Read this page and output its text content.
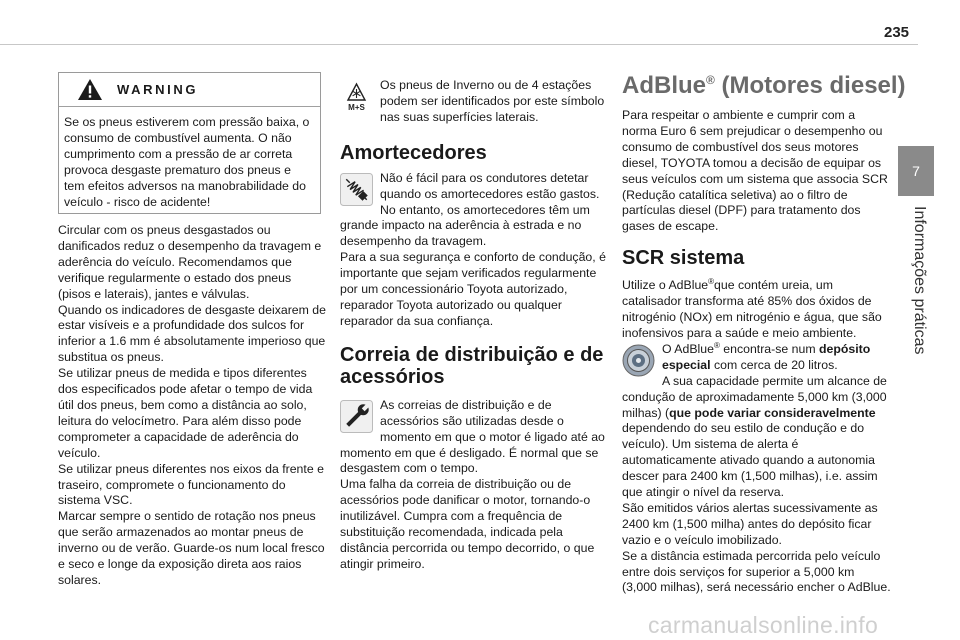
235
7
Informações práticas
WARNING

Se os pneus estiverem com pressão baixa, o consumo de combustível aumenta. O não cumprimento com a pressão de ar correta provoca desgaste prematuro dos pneus e tem efeitos adversos na manobrabilidade do veículo - risco de acidente!

Circular com os pneus desgastados ou danificados reduz o desempenho da travagem e aderência do veículo. Recomendamos que verifique regularmente o estado dos pneus (pisos e laterais), jantes e válvulas.

Quando os indicadores de desgaste deixarem de estar visíveis e a profundidade dos sulcos for inferior a 1.6 mm é absolutamente imperioso que substitua os pneus.

Se utilizar pneus de medida e tipos diferentes dos especificados pode afetar o tempo de vida útil dos pneus, bem como a distância ao solo, leitura do velocímetro. Para além disso pode comprometer a capacidade de aderência do veículo.

Se utilizar pneus diferentes nos eixos da frente e traseiro, compromete o funcionamento do sistema VSC.

Marcar sempre o sentido de rotação nos pneus que serão armazenados ao montar pneus de inverno ou de verão. Guarde-os num local fresco e seco e longe da exposição direta aos raios solares.

M+S

Os pneus de Inverno ou de 4 estações podem ser identificados por este símbolo nas suas superfícies laterais.

Amortecedores

Não é fácil para os condutores detetar quando os amortecedores estão gastos. No entanto, os amortecedores têm um grande impacto na aderência à estrada e no desempenho da travagem.

Para a sua segurança e conforto de condução, é importante que sejam verificados regularmente por um concessionário Toyota autorizado, reparador Toyota autorizado ou qualquer reparador da sua confiança.

Correia de distribuição e de acessórios

As correias de distribuição e de acessórios são utilizadas desde o momento em que o motor é ligado até ao momento em que é desligado. É normal que se desgastem com o tempo.

Uma falha da correia de distribuição ou de acessórios pode danificar o motor, tornando-o inutilizável. Cumpra com a frequência de substituição recomendada, indicada pela distância percorrida ou tempo decorrido, o que atingir primeiro.

AdBlue® (Motores diesel)

Para respeitar o ambiente e cumprir com a norma Euro 6 sem prejudicar o desempenho ou consumo de combustível dos seus motores diesel, TOYOTA tomou a decisão de equipar os seus veículos com um sistema que associa SCR (Redução catalítica seletiva) ao o filtro de partículas diesel (DPF) para tratamento dos gases de escape.

SCR sistema

Utilize o AdBlue®que contém ureia, um catalisador transforma até 85% dos óxidos de nitrogénio (NOx) em nitrogénio e água, que são inofensivos para a saúde e meio ambiente.

O AdBlue® encontra-se num depósito especial com cerca de 20 litros.

A sua capacidade permite um alcance de condução de aproximadamente 5,000 km (3,000 milhas) (que pode variar consideravelmente dependendo do seu estilo de condução e do veículo). Um sistema de alerta é automaticamente ativado quando a autonomia descer para 2400 km (1,500 milhas), i.e. assim que atingir o nível da reserva.

São emitidos vários alertas sucessivamente as 2400 km (1,500 milha) antes do depósito ficar vazio e o veículo imobilizado.

Se a distância estimada percorrida pelo veículo entre dois serviços for superior a 5,000 km (3,000 milhas), será necessário encher o AdBlue.

carmanualsonline.info
